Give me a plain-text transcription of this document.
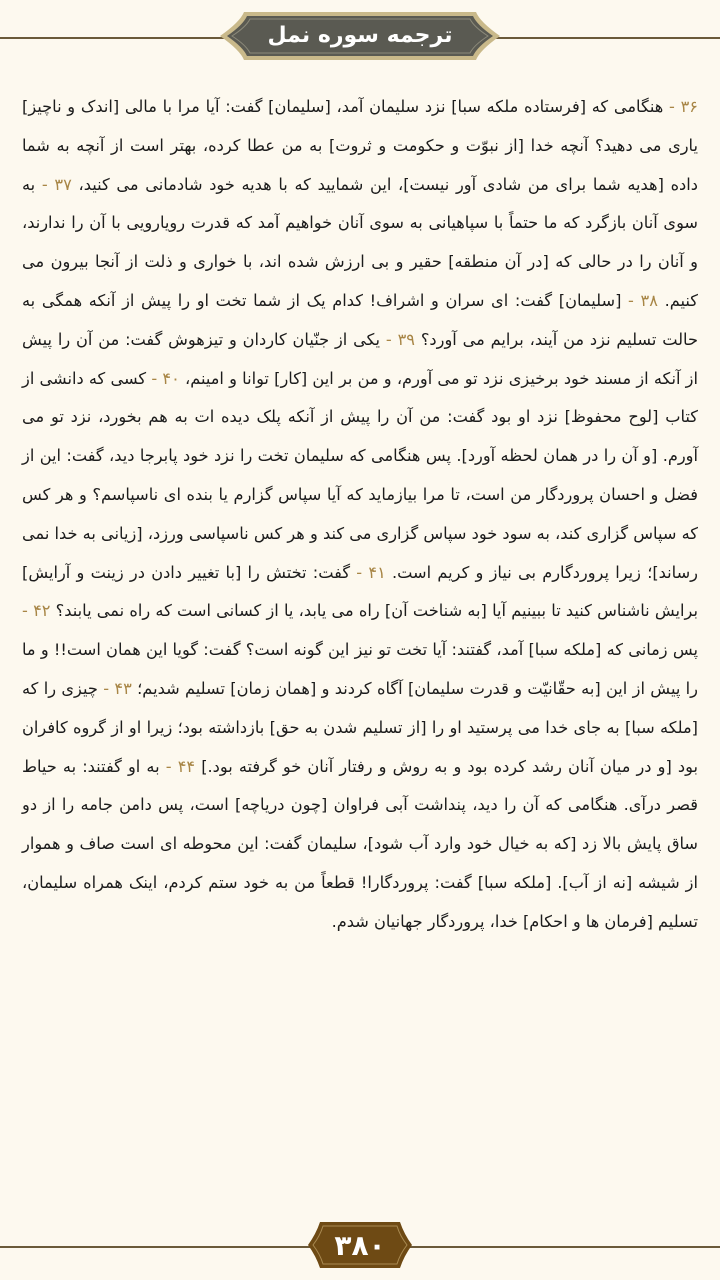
ترجمه سوره نمل

۳۶ - هنگامی که [فرستاده ملکه سبا] نزد سلیمان آمد، [سلیمان] گفت: آیا مرا با مالی [اندک و ناچیز] یاری می دهید؟ آنچه خدا [از نبوّت و حکومت و ثروت] به من عطا کرده، بهتر است از آنچه به شما داده [هدیه شما برای من شادی آور نیست]، این شمایید که با هدیه خود شادمانی می کنید،

۳۷ - به سوی آنان بازگرد که ما حتماً با سپاهیانی به سوی آنان خواهیم آمد که قدرت رویارویی با آن را ندارند، و آنان را در حالی که [در آن منطقه] حقیر و بی ارزش شده اند، با خواری و ذلت از آنجا بیرون می کنیم.

۳۸ - [سلیمان] گفت: ای سران و اشراف! کدام یک از شما تخت او را پیش از آنکه همگی به حالت تسلیم نزد من آیند، برایم می آورد؟

۳۹ - یکی از جنّیان کاردان و تیزهوش گفت: من آن را پیش از آنکه از مسند خود برخیزی نزد تو می آورم، و من بر این [کار] توانا و امینم،

۴۰ - کسی که دانشی از کتاب [لوح محفوظ] نزد او بود گفت: من آن را پیش از آنکه پلک دیده ات به هم بخورد، نزد تو می آورم. [و آن را در همان لحظه آورد]. پس هنگامی که سلیمان تخت را نزد خود پابرجا دید، گفت: این از فضل و احسان پروردگار من است، تا مرا بیازماید که آیا سپاس گزارم یا بنده ای ناسپاسم؟ و هر کس که سپاس گزاری کند، به سود خود سپاس گزاری می کند و هر کس ناسپاسی ورزد، [زیانی به خدا نمی رساند]؛ زیرا پروردگارم بی نیاز و کریم است.

۴۱ - گفت: تختش را [با تغییر دادن در زینت و آرایش] برایش ناشناس کنید تا ببینیم آیا [به شناخت آن] راه می یابد، یا از کسانی است که راه نمی یابند؟

۴۲ - پس زمانی که [ملکه سبا] آمد، گفتند: آیا تخت تو نیز این گونه است؟ گفت: گویا این همان است!! و ما را پیش از این [به حقّانیّت و قدرت سلیمان] آگاه کردند و [همان زمان] تسلیم شدیم؛

۴۳ - چیزی را که [ملکه سبا] به جای خدا می پرستید او را [از تسلیم شدن به حق] بازداشته بود؛ زیرا او از گروه کافران بود [و در میان آنان رشد کرده بود و به روش و رفتار آنان خو گرفته بود.]

۴۴ - به او گفتند: به حیاط قصر درآی. هنگامی که آن را دید، پنداشت آبی فراوان [چون دریاچه] است، پس دامن جامه را از دو ساق پایش بالا زد [که به خیال خود وارد آب شود]، سلیمان گفت: این محوطه ای است صاف و هموار از شیشه [نه از آب]. [ملکه سبا] گفت: پروردگارا! قطعاً من به خود ستم کردم، اینک همراه سلیمان، تسلیم [فرمان ها و احکام] خدا، پروردگار جهانیان شدم.

۳۸۰
